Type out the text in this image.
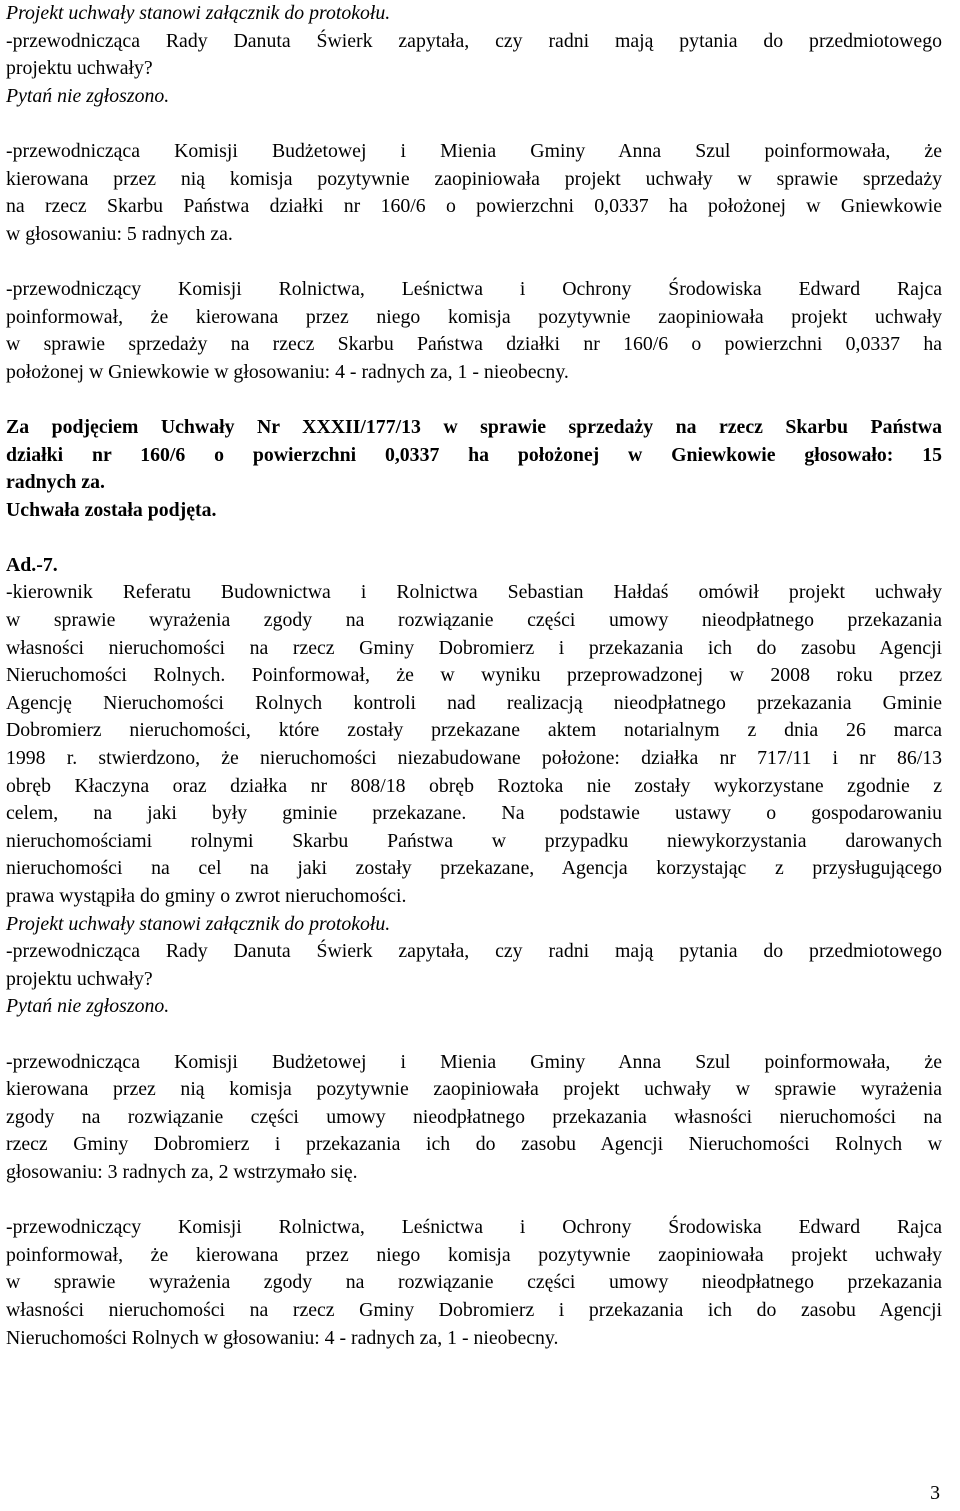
Projekt uchwały stanowi załącznik do protokołu.
-przewodnicząca Rady Danuta Świerk zapytała, czy radni mają pytania do przedmiotowego
projektu uchwały?
Pytań nie zgłoszono.
-przewodnicząca Komisji Budżetowej i Mienia Gminy Anna Szul poinformowała, że
kierowana przez nią komisja pozytywnie zaopiniowała projekt uchwały w sprawie sprzedaży
na rzecz Skarbu Państwa działki nr 160/6 o powierzchni 0,0337 ha położonej w Gniewkowie
w głosowaniu: 5 radnych za.
-przewodniczący Komisji Rolnictwa, Leśnictwa i Ochrony Środowiska Edward Rajca
poinformował, że kierowana przez niego komisja pozytywnie zaopiniowała projekt uchwały
w sprawie sprzedaży na rzecz Skarbu Państwa działki nr 160/6 o powierzchni 0,0337 ha
położonej w Gniewkowie w głosowaniu: 4 - radnych za, 1 - nieobecny.
Za podjęciem Uchwały Nr XXXII/177/13 w sprawie sprzedaży na rzecz Skarbu Państwa
działki nr 160/6 o powierzchni 0,0337 ha położonej w Gniewkowie głosowało: 15
radnych za.
Uchwała została podjęta.
Ad.-7.
-kierownik Referatu Budownictwa i Rolnictwa Sebastian Hałdaś omówił projekt uchwały
w sprawie wyrażenia zgody na rozwiązanie części umowy nieodpłatnego przekazania
własności nieruchomości na rzecz Gminy Dobromierz i przekazania ich do zasobu Agencji
Nieruchomości Rolnych. Poinformował, że w wyniku przeprowadzonej w 2008 roku przez
Agencję Nieruchomości Rolnych kontroli nad realizacją nieodpłatnego przekazania Gminie
Dobromierz nieruchomości, które zostały przekazane aktem notarialnym z dnia 26 marca
1998 r. stwierdzono, że nieruchomości niezabudowane położone: działka nr 717/11 i nr 86/13
obręb Kłaczyna oraz działka nr 808/18 obręb Roztoka nie zostały wykorzystane zgodnie z
celem, na jaki były gminie przekazane. Na podstawie ustawy o gospodarowaniu
nieruchomościami rolnymi Skarbu Państwa w przypadku niewykorzystania darowanych
nieruchomości na cel na jaki zostały przekazane, Agencja korzystając z przysługującego
prawa wystąpiła do gminy o zwrot nieruchomości.
Projekt uchwały stanowi załącznik do protokołu.
-przewodnicząca Rady Danuta Świerk zapytała, czy radni mają pytania do przedmiotowego
projektu uchwały?
Pytań nie zgłoszono.
-przewodnicząca Komisji Budżetowej i Mienia Gminy Anna Szul poinformowała, że
kierowana przez nią komisja pozytywnie zaopiniowała projekt uchwały w sprawie wyrażenia
zgody na rozwiązanie części umowy nieodpłatnego przekazania własności nieruchomości na
rzecz Gminy Dobromierz i przekazania ich do zasobu Agencji Nieruchomości Rolnych w
głosowaniu: 3 radnych za, 2 wstrzymało się.
-przewodniczący Komisji Rolnictwa, Leśnictwa i Ochrony Środowiska Edward Rajca
poinformował, że kierowana przez niego komisja pozytywnie zaopiniowała projekt uchwały
w sprawie wyrażenia zgody na rozwiązanie części umowy nieodpłatnego przekazania
własności nieruchomości na rzecz Gminy Dobromierz i przekazania ich do zasobu Agencji
Nieruchomości Rolnych w głosowaniu: 4 - radnych za, 1 - nieobecny.
3
